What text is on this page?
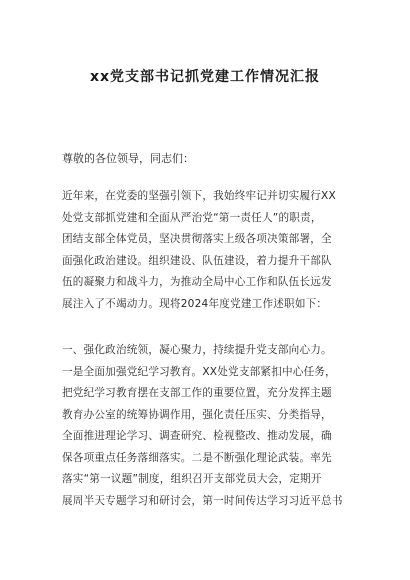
xx党支部书记抓党建工作情况汇报
尊敬的各位领导，同志们：
近年来，在党委的坚强引领下，我始终牢记并切实履行XX
处党支部抓党建和全面从严治党“第一责任人”的职责，
团结支部全体党员，坚决贯彻落实上级各项决策部署，全
面强化政治建设。组织建设、队伍建设，着力提升干部队
伍的凝聚力和战斗力，为推动全局中心工作和队伍长远发
展注入了不竭动力。现将2024年度党建工作述职如下：
一、强化政治统领，凝心聚力，持续提升党支部向心力。
一是全面加强党纪学习教育。XX处党支部紧扣中心任务，
把党纪学习教育摆在支部工作的重要位置，充分发挥主题
教育办公室的统筹协调作用，强化责任压实、分类指导，
全面推进理论学习、调查研究、检视整改、推动发展，确
保各项重点任务落细落实。二是不断强化理论武装。率先
落实“第一议题”制度，组织召开支部党员大会，定期开
展周半天专题学习和研讨会，第一时间传达学习习近平总书
